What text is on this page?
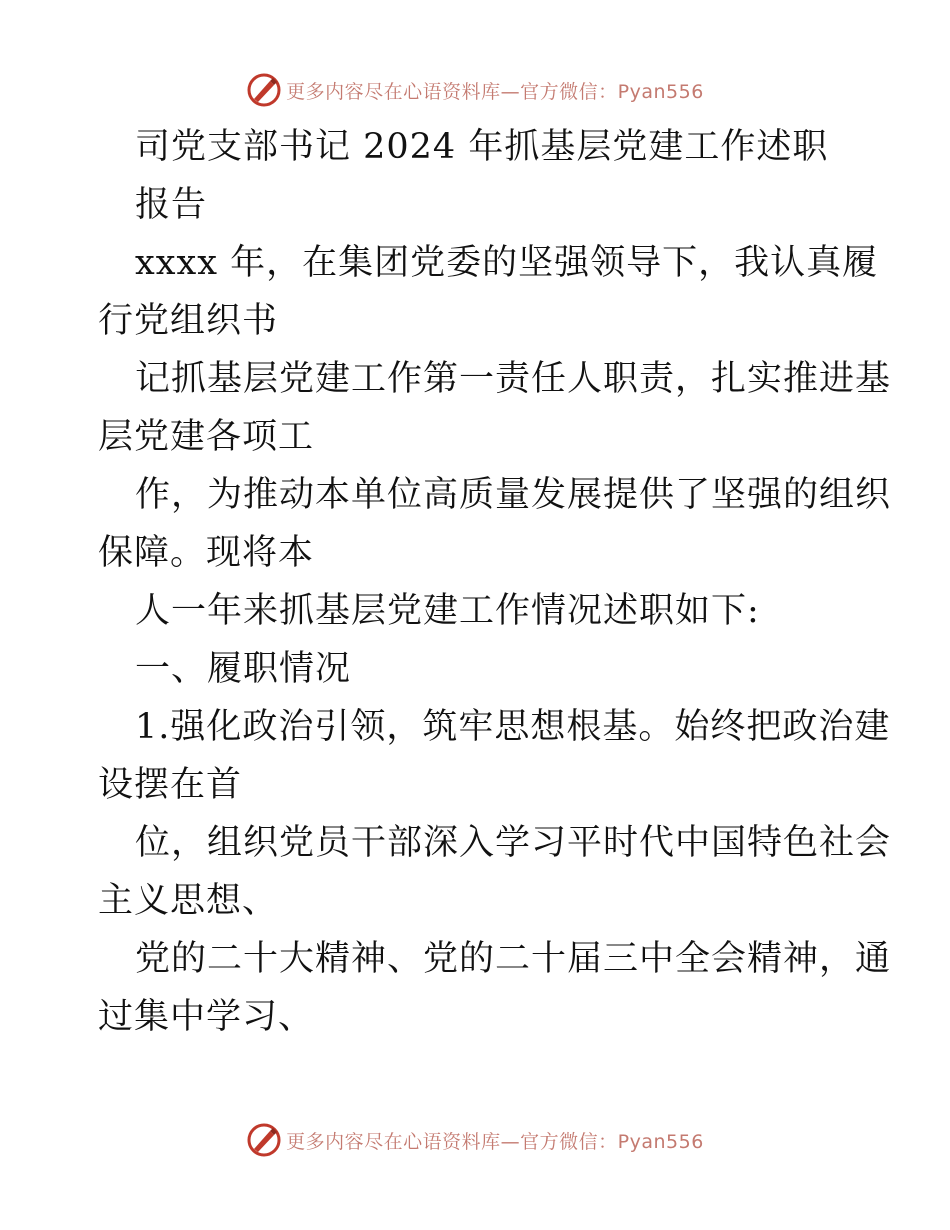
更多内容尽在心语资料库—官方微信：Pyan556
司党支部书记 2024 年抓基层党建工作述职
报告
xxxx 年，在集团党委的坚强领导下，我认真履
行党组织书
记抓基层党建工作第一责任人职责，扎实推进基
层党建各项工
作，为推动本单位高质量发展提供了坚强的组织
保障。现将本
人一年来抓基层党建工作情况述职如下:
一、履职情况
1.强化政治引领，筑牢思想根基。始终把政治建
设摆在首
位，组织党员干部深入学习平时代中国特色社会
主义思想、
党的二十大精神、党的二十届三中全会精神，通
过集中学习、
更多内容尽在心语资料库—官方微信：Pyan556
